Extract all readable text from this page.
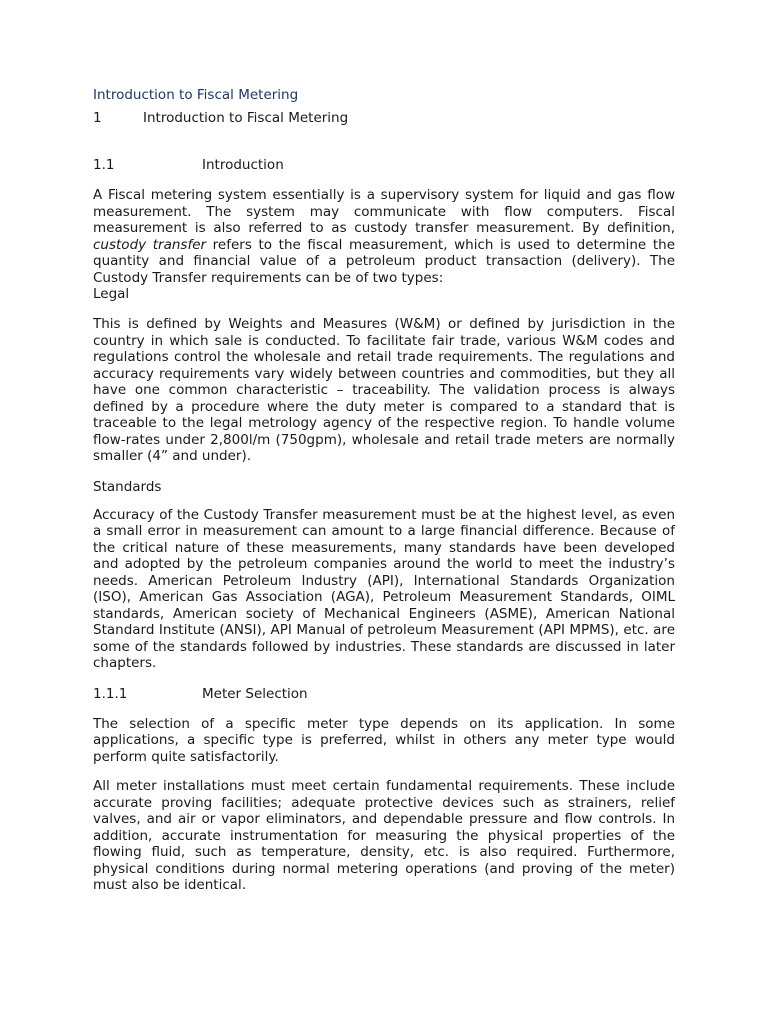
Introduction to Fiscal Metering
1	Introduction to Fiscal Metering
1.1	Introduction

A Fiscal metering system essentially is a supervisory system for liquid and gas flow measurement. The system may communicate with flow computers. Fiscal measurement is also referred to as custody transfer measurement. By definition, custody transfer refers to the fiscal measurement, which is used to determine the quantity and financial value of a petroleum product transaction (delivery). The Custody Transfer requirements can be of two types:

Legal

This is defined by Weights and Measures (W&M) or defined by jurisdiction in the country in which sale is conducted. To facilitate fair trade, various W&M codes and regulations control the wholesale and retail trade requirements. The regulations and accuracy requirements vary widely between countries and commodities, but they all have one common characteristic – traceability. The validation process is always defined by a procedure where the duty meter is compared to a standard that is traceable to the legal metrology agency of the respective region. To handle volume flow-rates under 2,800l/m (750gpm), wholesale and retail trade meters are normally smaller (4” and under).

Standards

Accuracy of the Custody Transfer measurement must be at the highest level, as even a small error in measurement can amount to a large financial difference. Because of the critical nature of these measurements, many standards have been developed and adopted by the petroleum companies around the world to meet the industry’s needs. American Petroleum Industry (API), International Standards Organization (ISO), American Gas Association (AGA), Petroleum Measurement Standards, OIML standards, American society of Mechanical Engineers (ASME), American National Standard Institute (ANSI), API Manual of petroleum Measurement (API MPMS), etc. are some of the standards followed by industries. These standards are discussed in later chapters.

1.1.1	Meter Selection

The selection of a specific meter type depends on its application. In some applications, a specific type is preferred, whilst in others any meter type would perform quite satisfactorily.

All meter installations must meet certain fundamental requirements. These include accurate proving facilities; adequate protective devices such as strainers, relief valves, and air or vapor eliminators, and dependable pressure and flow controls. In addition, accurate instrumentation for measuring the physical properties of the flowing fluid, such as temperature, density, etc. is also required. Furthermore, physical conditions during normal metering operations (and proving of the meter) must also be identical.
